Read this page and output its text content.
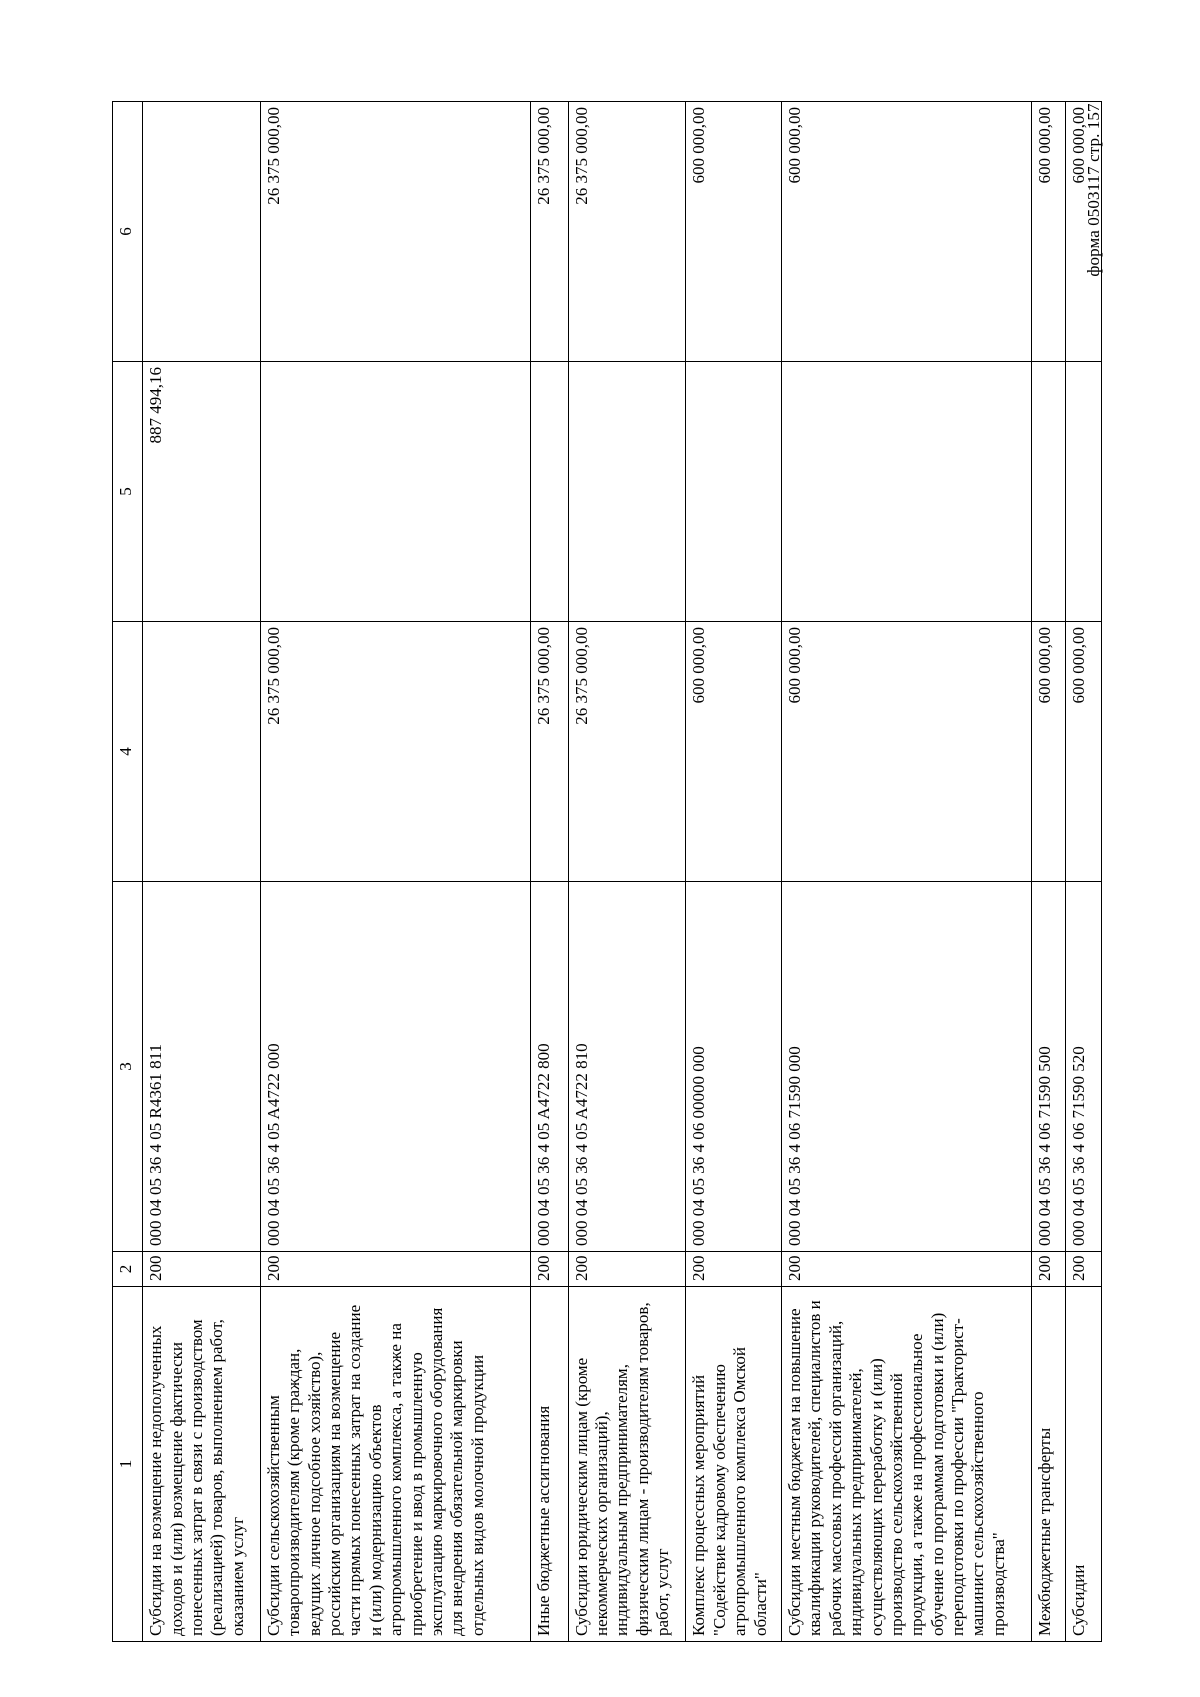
форма 0503117 стр. 157
1	2	3	4	5	6
Субсидии на возмещение недополученных доходов и (или) возмещение фактически понесенных затрат в связи с производством (реализацией) товаров, выполнением работ, оказанием услуг	200	000 04 05 36 4 05 R4361 811		887 494,16	
Субсидии сельскохозяйственным товаропроизводителям (кроме граждан, ведущих личное подсобное хозяйство), российским организациям на возмещение части прямых понесенных затрат на создание и (или) модернизацию объектов агропромышленного комплекса, а также на приобретение и ввод в промышленную эксплуатацию маркировочного оборудования для внедрения обязательной маркировки отдельных видов молочной продукции	200	000 04 05 36 4 05 A4722 000	26 375 000,00		26 375 000,00
Иные бюджетные ассигнования	200	000 04 05 36 4 05 A4722 800	26 375 000,00		26 375 000,00
Субсидии юридическим лицам (кроме некоммерческих организаций), индивидуальным предпринимателям, физическим лицам - производителям товаров, работ, услуг	200	000 04 05 36 4 05 A4722 810	26 375 000,00		26 375 000,00
Комплекс процессных мероприятий "Содействие кадровому обеспечению агропромышленного комплекса Омской области"	200	000 04 05 36 4 06 00000 000	600 000,00		600 000,00
Субсидии местным бюджетам на повышение квалификации руководителей, специалистов и рабочих массовых профессий организаций, индивидуальных предпринимателей, осуществляющих переработку и (или) производство сельскохозяйственной продукции, а также на профессиональное обучение по программам подготовки и (или) переподготовки по профессии "Тракторист-машинист сельскохозяйственного производства"	200	000 04 05 36 4 06 71590 000	600 000,00		600 000,00
Межбюджетные трансферты	200	000 04 05 36 4 06 71590 500	600 000,00		600 000,00
Субсидии	200	000 04 05 36 4 06 71590 520	600 000,00		600 000,00
